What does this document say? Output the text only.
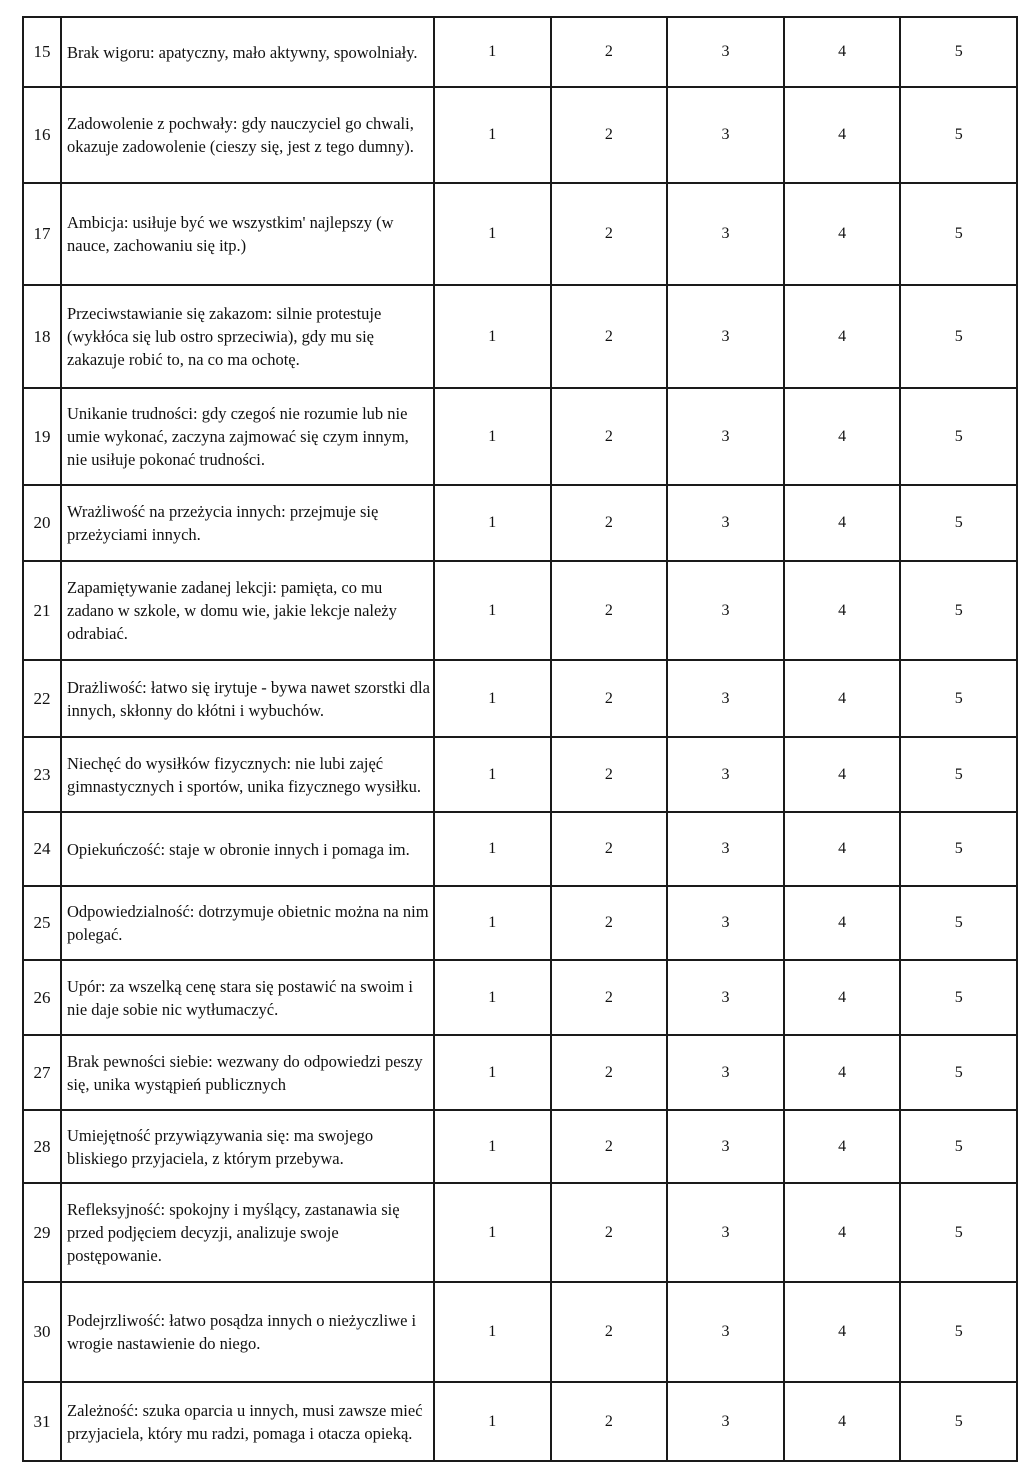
15	Brak wigoru: apatyczny, mało aktywny, spowolniały.	1	2	3	4	5
16	Zadowolenie z pochwały: gdy nauczyciel go chwali, okazuje zadowolenie (cieszy się, jest z tego dumny).	1	2	3	4	5
17	Ambicja: usiłuje być we wszystkim' najlepszy (w nauce, zachowaniu się itp.)	1	2	3	4	5
18	Przeciwstawianie się zakazom: silnie protestuje (wykłóca się lub ostro sprzeciwia), gdy mu się zakazuje robić to, na co ma ochotę.	1	2	3	4	5
19	Unikanie trudności: gdy czegoś nie rozumie lub nie umie wykonać, zaczyna zajmować się czym innym, nie usiłuje pokonać trudności.	1	2	3	4	5
20	Wrażliwość na przeżycia innych: przejmuje się przeżyciami innych.	1	2	3	4	5
21	Zapamiętywanie zadanej lekcji: pamięta, co mu zadano w szkole, w domu wie, jakie lekcje należy odrabiać.	1	2	3	4	5
22	Drażliwość: łatwo się irytuje - bywa nawet szorstki dla innych, skłonny do kłótni i wybuchów.	1	2	3	4	5
23	Niechęć do wysiłków fizycznych: nie lubi zajęć gimnastycznych i sportów, unika fizycznego wysiłku.	1	2	3	4	5
24	Opiekuńczość: staje w obronie innych i pomaga im.	1	2	3	4	5
25	Odpowiedzialność: dotrzymuje obietnic można na nim polegać.	1	2	3	4	5
26	Upór: za wszelką cenę stara się postawić na swoim i nie daje sobie nic wytłumaczyć.	1	2	3	4	5
27	Brak pewności siebie: wezwany do odpowiedzi peszy się, unika wystąpień publicznych	1	2	3	4	5
28	Umiejętność przywiązywania się: ma swojego bliskiego przyjaciela, z którym przebywa.	1	2	3	4	5
29	Refleksyjność: spokojny i myślący, zastanawia się przed podjęciem decyzji, analizuje swoje postępowanie.	1	2	3	4	5
30	Podejrzliwość: łatwo posądza innych o nieżyczliwe i wrogie nastawienie do niego.	1	2	3	4	5
31	Zależność: szuka oparcia u innych, musi zawsze mieć przyjaciela, który mu radzi, pomaga i otacza opieką.	1	2	3	4	5
